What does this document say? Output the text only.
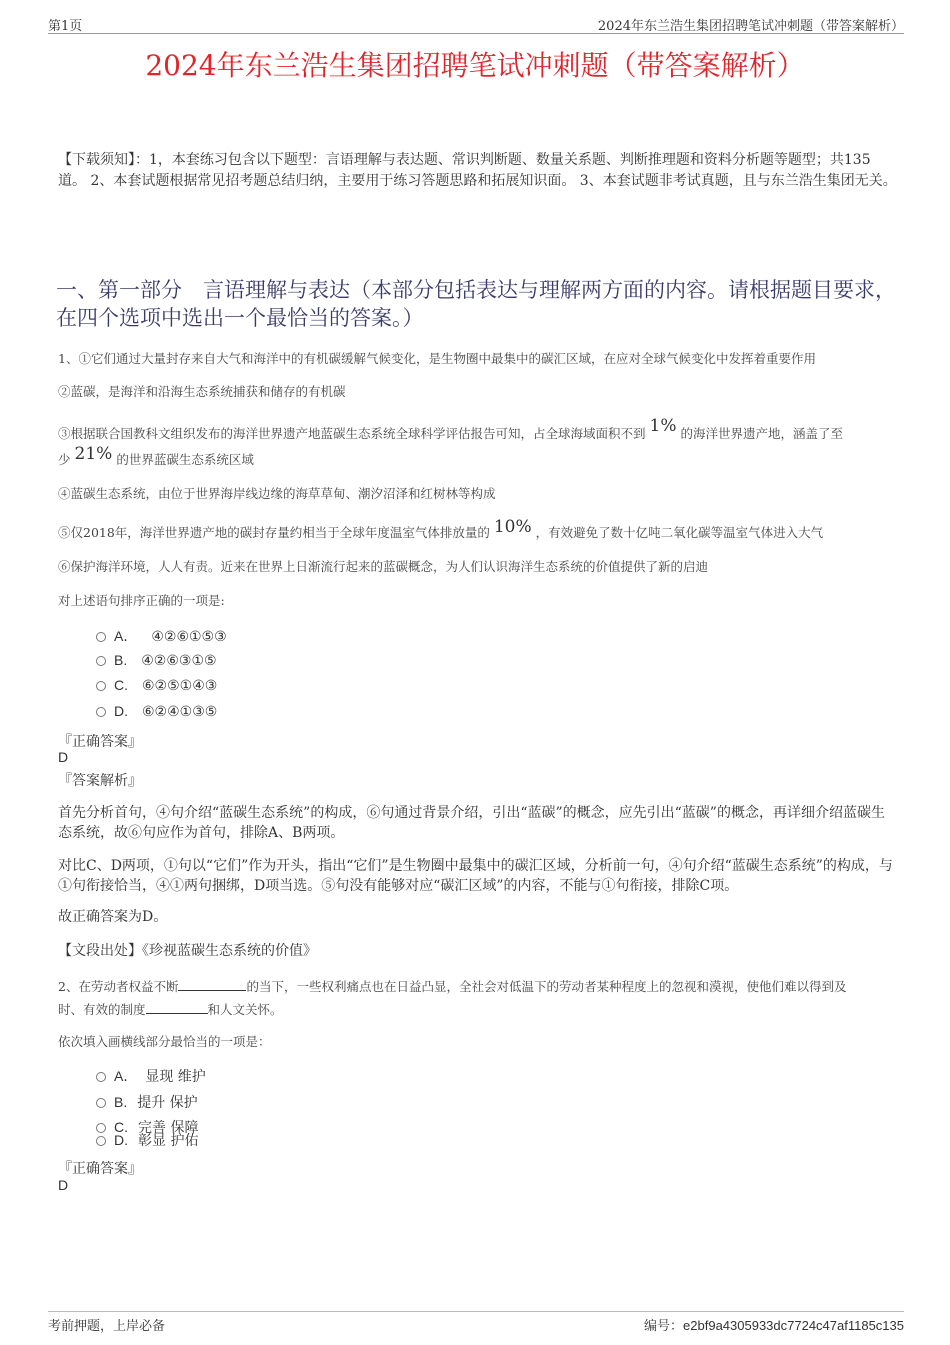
第1页	2024年东兰浩生集团招聘笔试冲刺题（带答案解析）
2024年东兰浩生集团招聘笔试冲刺题（带答案解析）
【下载须知】：1，本套练习包含以下题型：言语理解与表达题、常识判断题、数量关系题、判断推理题和资料分析题等题型；共135道。 2、本套试题根据常见招考题总结归纳，主要用于练习答题思路和拓展知识面。 3、本套试题非考试真题，且与东兰浩生集团无关。
一、第一部分　言语理解与表达（本部分包括表达与理解两方面的内容。请根据题目要求，在四个选项中选出一个最恰当的答案。）
1、①它们通过大量封存来自大气和海洋中的有机碳缓解气候变化，是生物圈中最集中的碳汇区域，在应对全球气候变化中发挥着重要作用
②蓝碳，是海洋和沿海生态系统捕获和储存的有机碳
③根据联合国教科文组织发布的海洋世界遗产地蓝碳生态系统全球科学评估报告可知，占全球海域面积不到 1% 的海洋世界遗产地，涵盖了至
少 21% 的世界蓝碳生态系统区域
④蓝碳生态系统，由位于世界海岸线边缘的海草草甸、潮汐沼泽和红树林等构成
⑤仅2018年，海洋世界遗产地的碳封存量约相当于全球年度温室气体排放量的 10% ，有效避免了数十亿吨二氧化碳等温室气体进入大气
⑥保护海洋环境，人人有责。近来在世界上日渐流行起来的蓝碳概念，为人们认识海洋生态系统的价值提供了新的启迪
对上述语句排序正确的一项是:
A． ④②⑥①⑤③
B. ④②⑥③①⑤
C. ⑥②⑤①④③
D. ⑥②④①③⑤
『正确答案』
D
『答案解析』
首先分析首句，④句介绍“蓝碳生态系统”的构成，⑥句通过背景介绍，引出“蓝碳”的概念，应先引出“蓝碳”的概念，再详细介绍蓝碳生态系统，故⑥句应作为首句，排除A、B两项。
对比C、D两项，①句以“它们”作为开头，指出“它们”是生物圈中最集中的碳汇区域，分析前一句，④句介绍“蓝碳生态系统”的构成，与①句衔接恰当，④①两句捆绑，D项当选。⑤句没有能够对应“碳汇区域”的内容，不能与①句衔接，排除C项。
故正确答案为D。
【文段出处】《珍视蓝碳生态系统的价值》
2、在劳动者权益不断	的当下，一些权利痛点也在日益凸显，全社会对低温下的劳动者某种程度上的忽视和漠视，使他们难以得到及
时、有效的制度	和人文关怀。
依次填入画横线部分最恰当的一项是：
A． 显现 维护
B. 提升 保护
C. 完善 保障
D. 彰显 护佑
『正确答案』
D
考前押题，上岸必备	编号：e2bf9a4305933dc7724c47af1185c135
